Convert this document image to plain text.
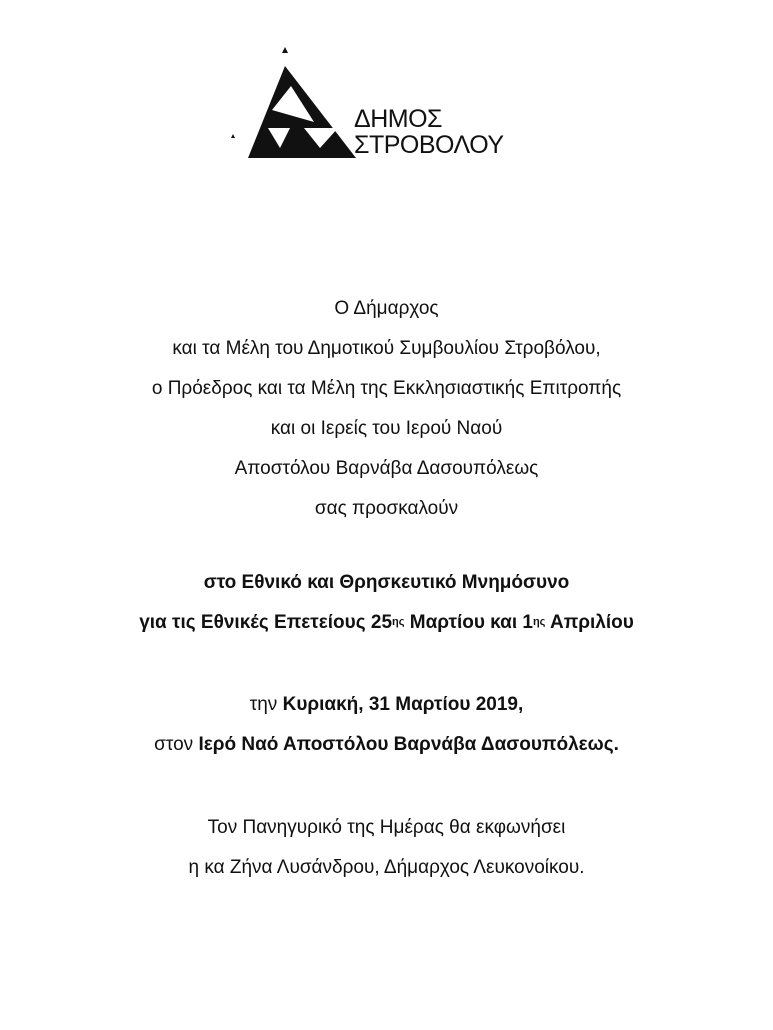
ΔΗΜΟΣ
ΣΤΡΟΒΟΛΟΥ
Ο Δήμαρχος
και τα Μέλη του Δημοτικού Συμβουλίου Στροβόλου,
ο Πρόεδρος και τα Μέλη της Εκκλησιαστικής Επιτροπής
και οι Ιερείς του Ιερού Ναού
Αποστόλου Βαρνάβα Δασουπόλεως
σας προσκαλούν
στο Εθνικό και Θρησκευτικό Μνημόσυνο
για τις Εθνικές Επετείους $25^{\eta\varsigma}$ Μαρτίου και $1^{\eta\varsigma}$ Απριλίου
την Κυριακή, 31 Μαρτίου 2019,
στον Ιερό Ναό Αποστόλου Βαρνάβα Δασουπόλεως.
Τον Πανηγυρικό της Ημέρας θα εκφωνήσει
η κα Ζήνα Λυσάνδρου, Δήμαρχος Λευκονοίκου.
